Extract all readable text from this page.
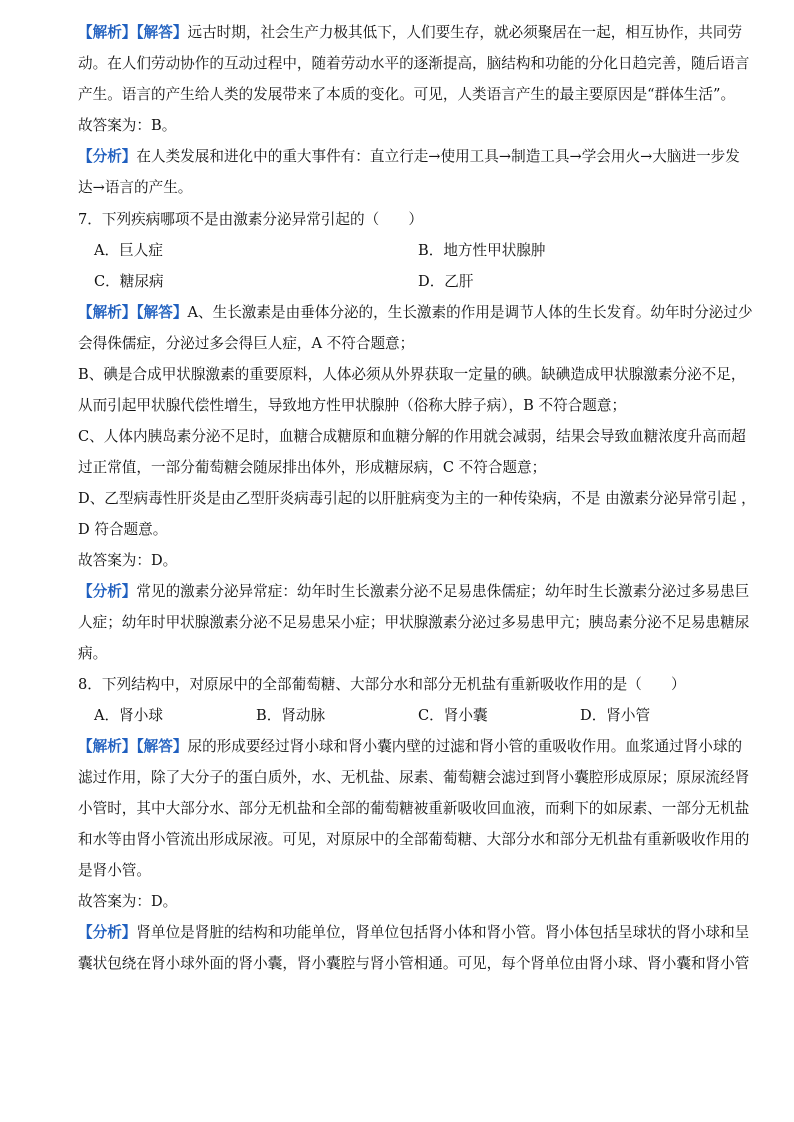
【解析】【解答】远古时期，社会生产力极其低下，人们要生存，就必须聚居在一起，相互协作，共同劳
动。在人们劳动协作的互动过程中，随着劳动水平的逐渐提高，脑结构和功能的分化日趋完善，随后语言
产生。语言的产生给人类的发展带来了本质的变化。可见，人类语言产生的最主要原因是“群体生活”。
故答案为：B。
【分析】在人类发展和进化中的重大事件有：直立行走→使用工具→制造工具→学会用火→大脑进一步发
达→语言的产生。
7．下列疾病哪项不是由激素分泌异常引起的（　　）
A．巨人症	B．地方性甲状腺肿
C．糖尿病	D．乙肝
【解析】【解答】A、生长激素是由垂体分泌的，生长激素的作用是调节人体的生长发育。幼年时分泌过少
会得侏儒症，分泌过多会得巨人症，A 不符合题意；
B、碘是合成甲状腺激素的重要原料，人体必须从外界获取一定量的碘。缺碘造成甲状腺激素分泌不足，
从而引起甲状腺代偿性增生，导致地方性甲状腺肿（俗称大脖子病），B 不符合题意；
C、人体内胰岛素分泌不足时，血糖合成糖原和血糖分解的作用就会减弱，结果会导致血糖浓度升高而超
过正常值，一部分葡萄糖会随尿排出体外，形成糖尿病，C 不符合题意；
D、乙型病毒性肝炎是由乙型肝炎病毒引起的以肝脏病变为主的一种传染病，不是 由激素分泌异常引起 ，
D 符合题意。
故答案为：D。
【分析】常见的激素分泌异常症：幼年时生长激素分泌不足易患侏儒症；幼年时生长激素分泌过多易患巨
人症；幼年时甲状腺激素分泌不足易患呆小症；甲状腺激素分泌过多易患甲亢；胰岛素分泌不足易患糖尿
病。
8．下列结构中，对原尿中的全部葡萄糖、大部分水和部分无机盐有重新吸收作用的是（　　）
A．肾小球	B．肾动脉	C．肾小囊	D．肾小管
【解析】【解答】尿的形成要经过肾小球和肾小囊内壁的过滤和肾小管的重吸收作用。血浆通过肾小球的
滤过作用，除了大分子的蛋白质外，水、无机盐、尿素、葡萄糖会滤过到肾小囊腔形成原尿；原尿流经肾
小管时，其中大部分水、部分无机盐和全部的葡萄糖被重新吸收回血液，而剩下的如尿素、一部分无机盐
和水等由肾小管流出形成尿液。可见，对原尿中的全部葡萄糖、大部分水和部分无机盐有重新吸收作用的
是肾小管。
故答案为：D。
【分析】肾单位是肾脏的结构和功能单位，肾单位包括肾小体和肾小管。肾小体包括呈球状的肾小球和呈
囊状包绕在肾小球外面的肾小囊，肾小囊腔与肾小管相通。可见，每个肾单位由肾小球、肾小囊和肾小管
